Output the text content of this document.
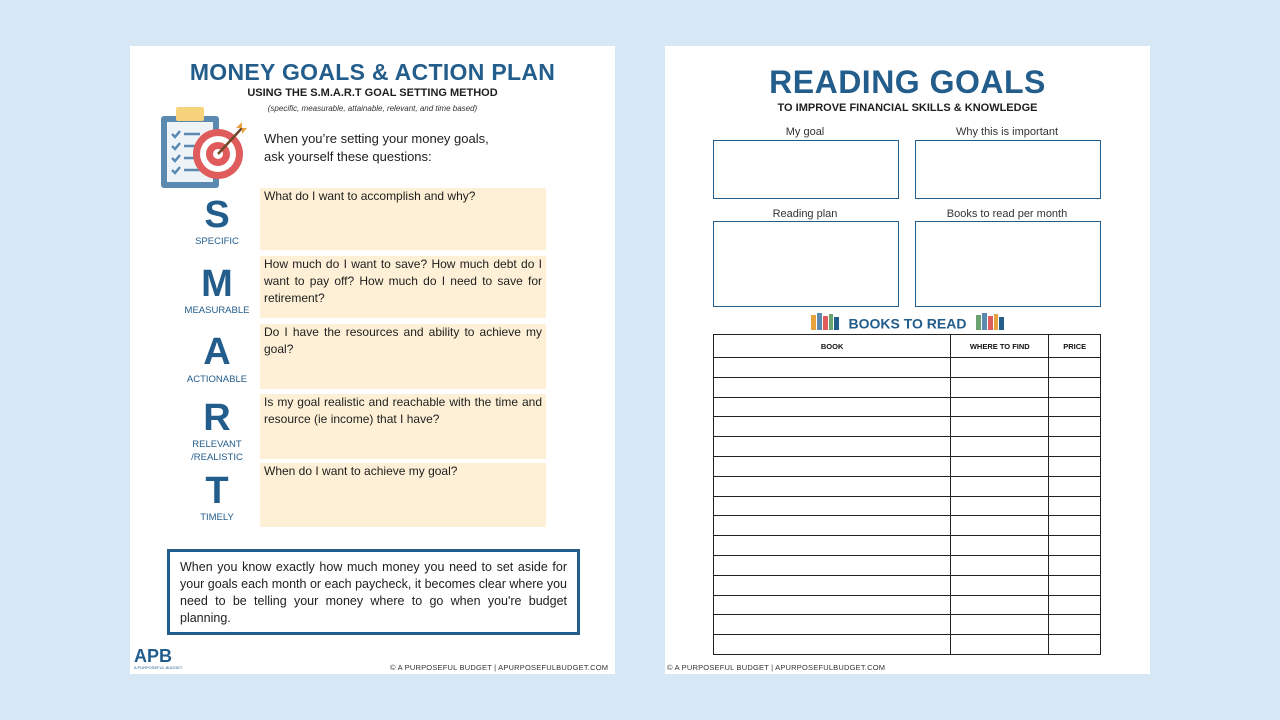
MONEY GOALS & ACTION PLAN
USING THE S.M.A.R.T GOAL SETTING METHOD
(specific, measurable, attainable, relevant, and time based)
When you’re setting your money goals,
ask yourself these questions:
S
SPECIFIC
What do I want to accomplish and why?
M
MEASURABLE
How much do I want to save? How much debt do I want to pay off? How much do I need to save for retirement?
A
ACTIONABLE
Do I have the resources and ability to achieve my goal?
R
RELEVANT
/REALISTIC
Is my goal realistic and reachable with the time and resource (ie income) that I have?
T
TIMELY
When do I want to achieve my goal?
When you know exactly how much money you need to set aside for your goals each month or each paycheck, it becomes clear where you need to be telling your money where to go when you're budget planning.
APB
A PURPOSEFUL BUDGET	© A PURPOSEFUL BUDGET | APURPOSEFULBUDGET.COM
READING GOALS
TO IMPROVE FINANCIAL SKILLS & KNOWLEDGE
My goal	Why this is important
Reading plan	Books to read per month
BOOKS TO READ
BOOK	WHERE TO FIND	PRICE

© A PURPOSEFUL BUDGET | APURPOSEFULBUDGET.COM
